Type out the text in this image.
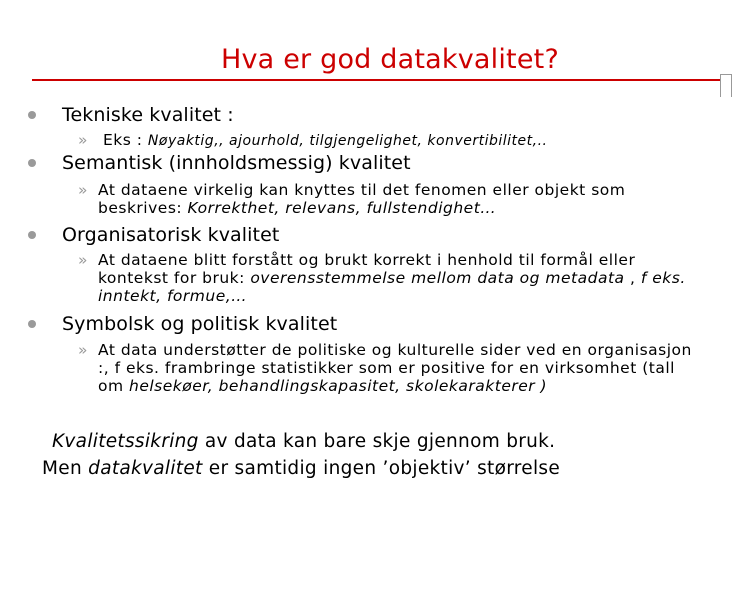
Hva er god datakvalitet?
Tekniske kvalitet :
» Eks : Nøyaktig,, ajourhold, tilgjengelighet, konvertibilitet,..
Semantisk (innholdsmessig) kvalitet
» At dataene virkelig kan knyttes til det fenomen eller objekt som
beskrives: Korrekthet, relevans, fullstendighet…
Organisatorisk kvalitet
» At dataene blitt forstått og brukt korrekt i henhold til formål eller
kontekst for bruk: overensstemmelse mellom data og metadata , f eks.
inntekt, formue,…
Symbolsk og politisk kvalitet
» At data understøtter de politiske og kulturelle sider ved en organisasjon
:, f eks. frambringe statistikker som er positive for en virksomhet (tall
om helsekøer, behandlingskapasitet, skolekarakterer )
Kvalitetssikring av data kan bare skje gjennom bruk.
Men datakvalitet er samtidig ingen ’objektiv’ størrelse
